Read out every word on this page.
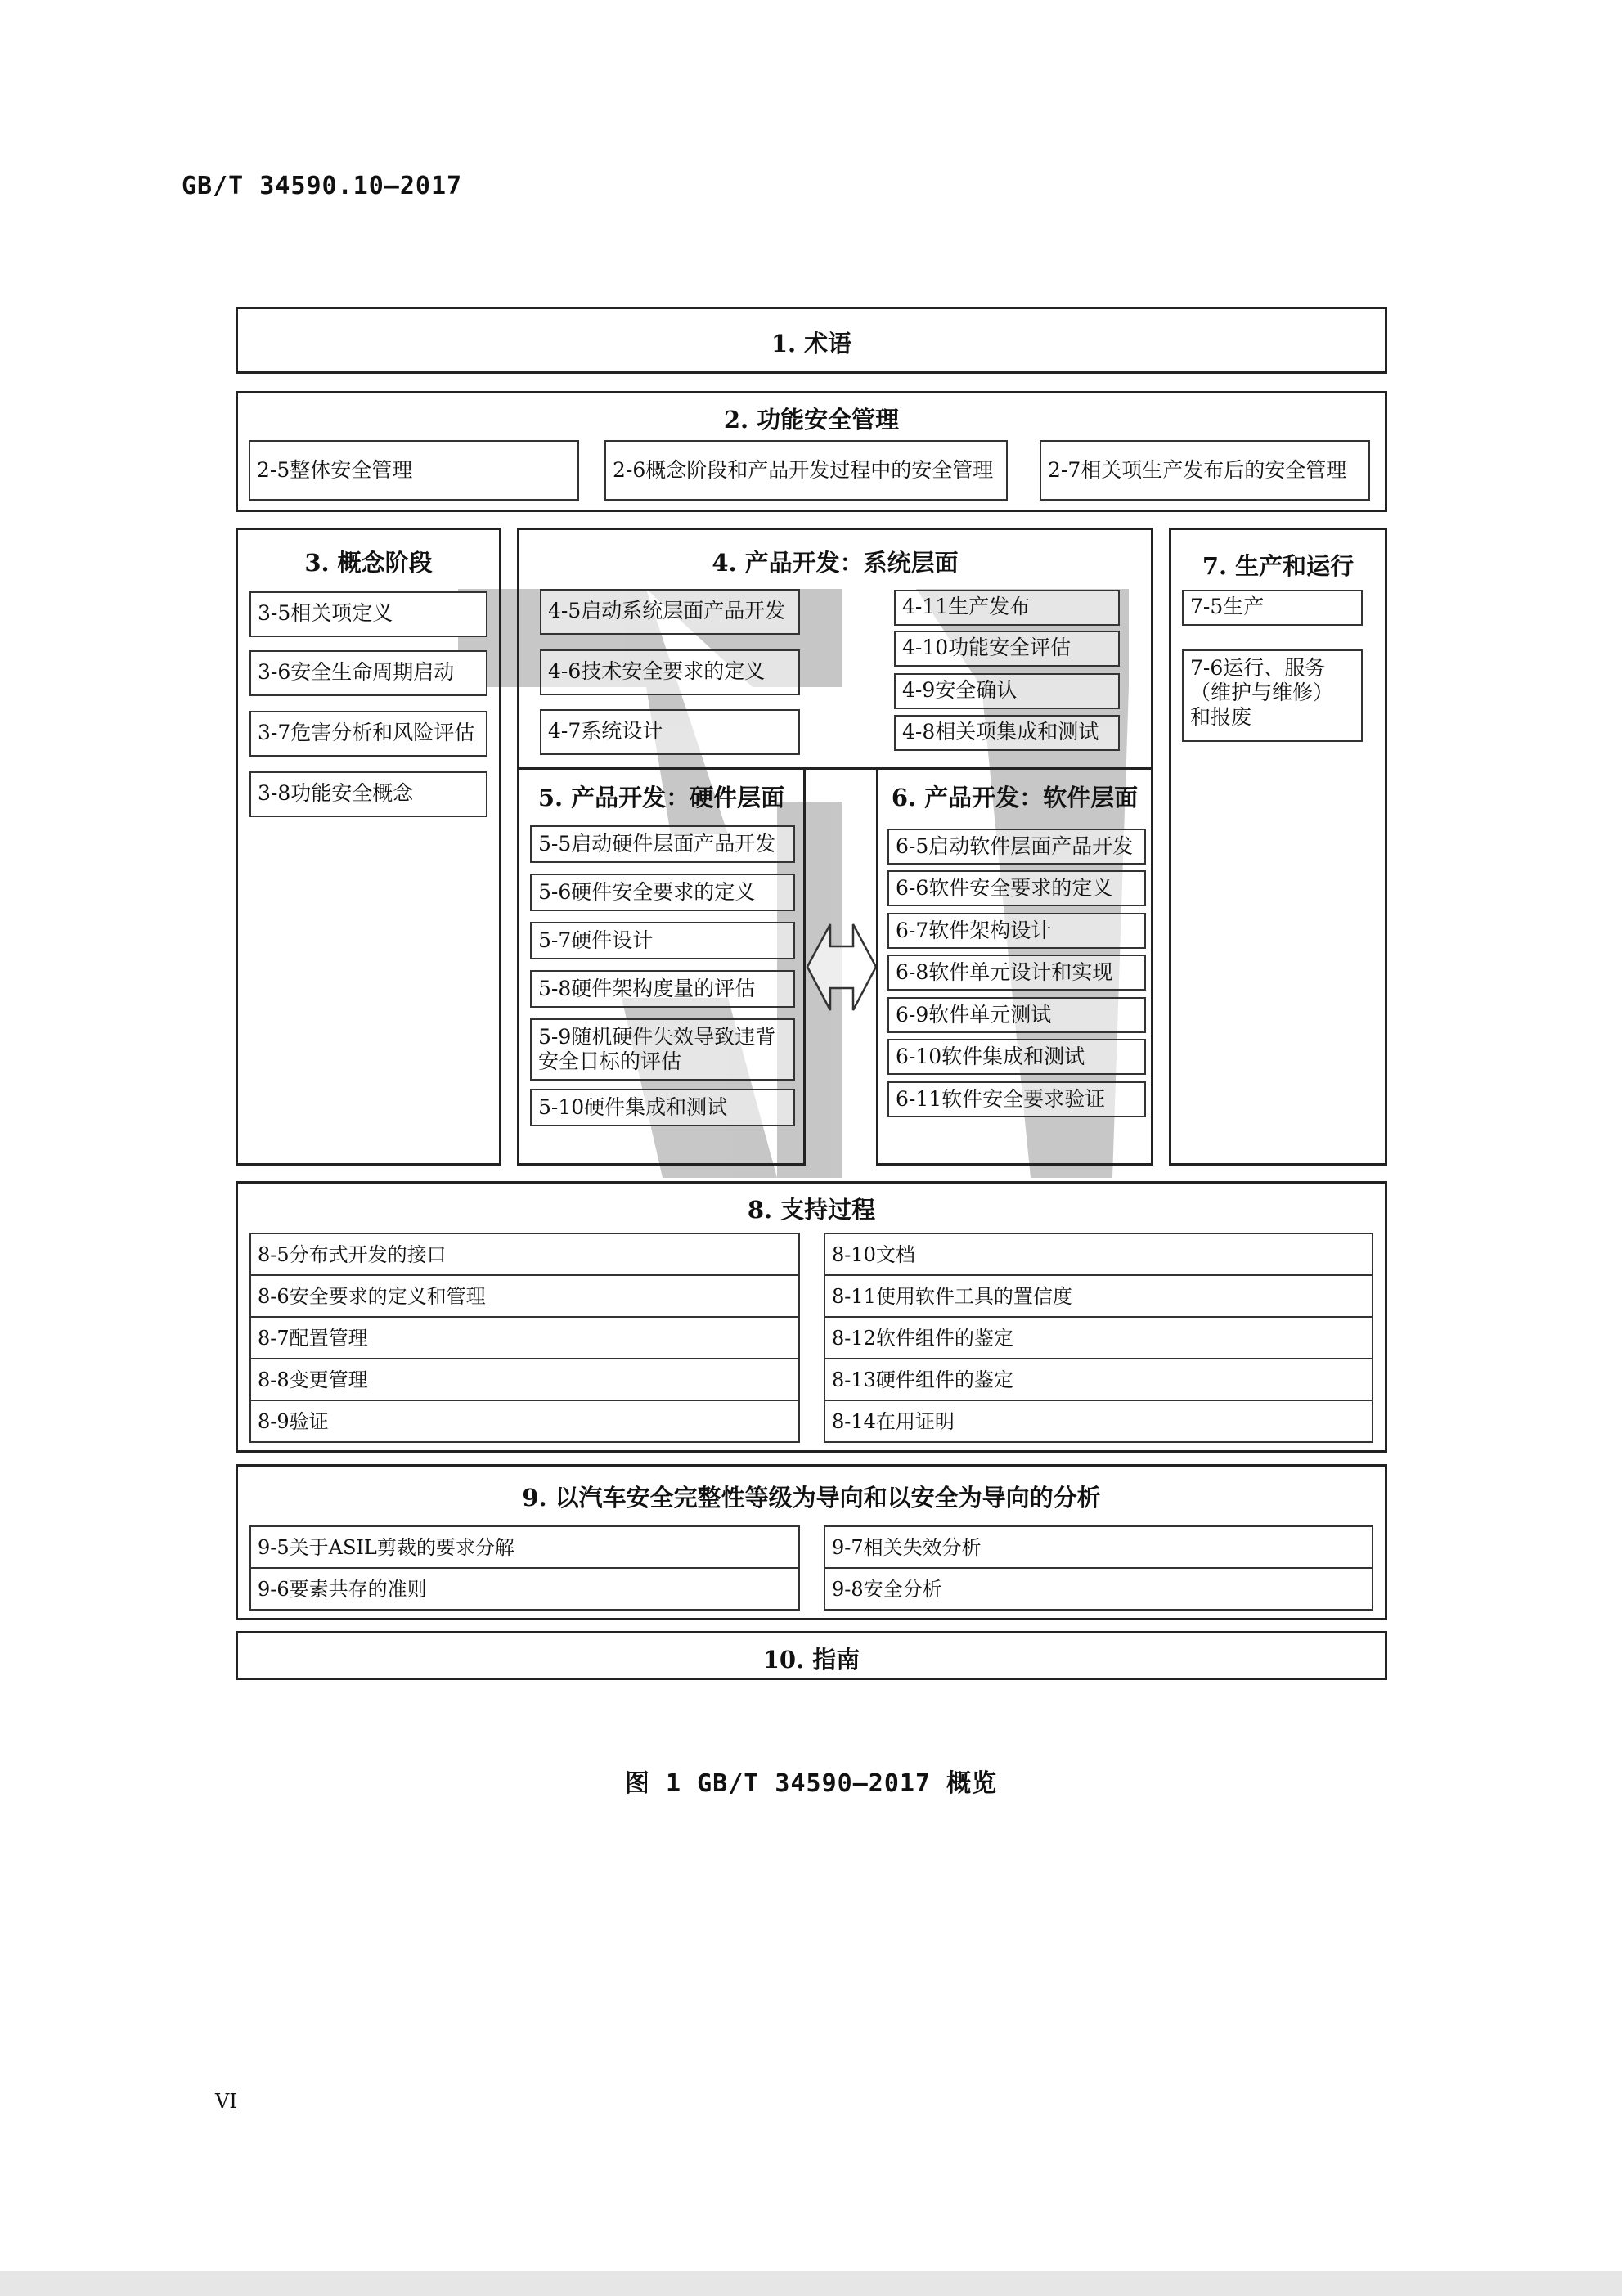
GB/T 34590.10—2017
1. 术语
2. 功能安全管理
2-5整体安全管理	2-6概念阶段和产品开发过程中的安全管理	2-7相关项生产发布后的安全管理
3. 概念阶段
3-5相关项定义
3-6安全生命周期启动
3-7危害分析和风险评估
3-8功能安全概念
4. 产品开发：系统层面
4-5启动系统层面产品开发
4-6技术安全要求的定义
4-7系统设计
4-11生产发布
4-10功能安全评估
4-9安全确认
4-8相关项集成和测试
5. 产品开发：硬件层面
5-5启动硬件层面产品开发
5-6硬件安全要求的定义
5-7硬件设计
5-8硬件架构度量的评估
5-9随机硬件失效导致违背
安全目标的评估
5-10硬件集成和测试
6. 产品开发：软件层面
6-5启动软件层面产品开发
6-6软件安全要求的定义
6-7软件架构设计
6-8软件单元设计和实现
6-9软件单元测试
6-10软件集成和测试
6-11软件安全要求验证
7. 生产和运行
7-5生产
7-6运行、服务
（维护与维修）
和报废
8. 支持过程
8-5分布式开发的接口
8-6安全要求的定义和管理
8-7配置管理
8-8变更管理
8-9验证
8-10文档
8-11使用软件工具的置信度
8-12软件组件的鉴定
8-13硬件组件的鉴定
8-14在用证明
9. 以汽车安全完整性等级为导向和以安全为导向的分析
9-5关于ASIL剪裁的要求分解
9-6要素共存的准则
9-7相关失效分析
9-8安全分析
10. 指南
图 1 GB/T 34590—2017 概览
VI
